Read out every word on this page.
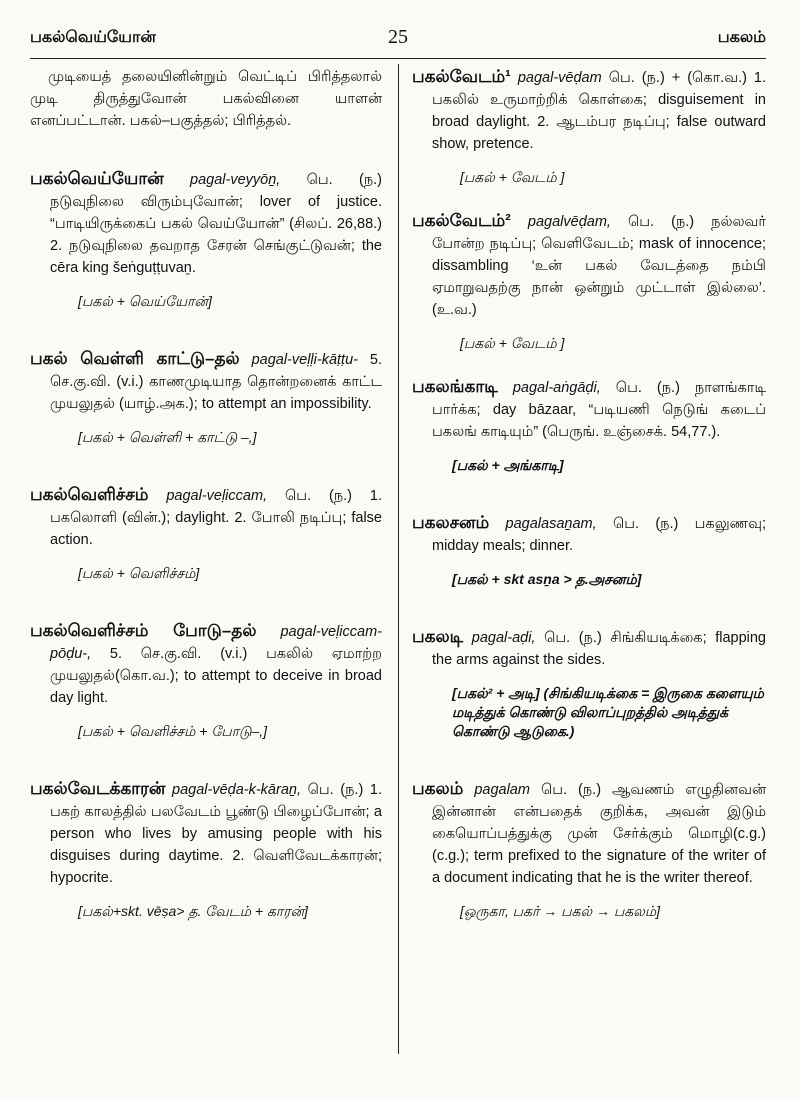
பகல்வெய்யோன்	25	பகலம்

முடியைத் தலையினின்றும் வெட்டிப் பிரித்தலால் முடி திருத்துவோன் பகல்வினை யாளன் எனப்பட்டான். பகல்–பகுத்தல்; பிரித்தல்.

பகல்வெய்யோன் pagal-veyyōṉ, பெ. (ந.) நடுவுநிலை விரும்புவோன்; lover of justice. “பாடியிருக்கைப் பகல் வெய்யோன்” (சிலப். 26,88.) 2. நடுவுநிலை தவறாத சேரன் செங்குட்டுவன்; the cēra king šeṅguṭṭuvaṉ.

[பகல் + வெய்யோன்]

பகல் வெள்ளி காட்டு–தல் pagal-veḷḷi-kāṭṭu- 5. செ.கு.வி. (v.i.) காணமுடியாத தொன்றனைக் காட்ட முயலுதல் (யாழ்.அக.); to attempt an impossibility.

[பகல் + வெள்ளி + காட்டு –,]

பகல்வெளிச்சம் pagal-veḷiccam, பெ. (ந.) 1. பகலொளி (வின்.); daylight. 2. போலி நடிப்பு; false action.

[பகல் + வெளிச்சம்]

பகல்வெளிச்சம் போடு–தல் pagal-veḷiccam-pōḍu-, 5. செ.கு.வி. (v.i.) பகலில் ஏமாற்ற முயலுதல்(கொ.வ.); to attempt to deceive in broad day light.

[பகல் + வெளிச்சம் + போடு–,]

பகல்வேடக்காரன் pagal-vēḍa-k-kāraṉ, பெ. (ந.) 1. பகற் காலத்தில் பலவேடம் பூண்டு பிழைப்போன்; a person who lives by amusing people with his disguises during daytime. 2. வெளிவேடக்காரன்; hypocrite.

[பகல்+skt. vēṣa> த. வேடம் + காரன்]

பகல்வேடம்¹ pagal-vēḍam பெ. (ந.) + (கொ.வ.) 1. பகலில் உருமாற்றிக் கொள்கை; disguisement in broad daylight. 2. ஆடம்பர நடிப்பு; false outward show, pretence.

[பகல் + வேடம் ]

பகல்வேடம்² pagalvēḍam, பெ. (ந.) நல்லவர் போன்ற நடிப்பு; வெளிவேடம்; mask of innocence; dissambling ‘உன் பகல் வேடத்தை நம்பி ஏமாறுவதற்கு நான் ஒன்றும் முட்டாள் இல்லை’. (உ.வ.)

[பகல் + வேடம் ]

பகலங்காடி pagal-aṅgāḍi, பெ. (ந.) நாளங்காடி பார்க்க; day bāzaar, “படியணி நெடுங் கடைப் பகலங் காடியும்” (பெருங். உஞ்சைக். 54,77.).

[பகல் + அங்காடி]

பகலசனம் pagalasaṉam, பெ. (ந.) பகலுணவு; midday meals; dinner.

[பகல் + skt asṉa > த.அசனம்]

பகலடி pagal-aḍi, பெ. (ந.) சிங்கியடிக்கை; flapping the arms against the sides.

[பகல்² + அடி] (சிங்கியடிக்கை = இருகை களையும் மடித்துக் கொண்டு விலாப்புறத்தில் அடித்துக் கொண்டு ஆடுகை.)

பகலம் pagalam பெ. (ந.) ஆவணம் எழுதினவன் இன்னான் என்பதைக் குறிக்க, அவன் இடும் கையொப்பத்துக்கு முன் சேர்க்கும் மொழி(c.g.)(c.g.); term prefixed to the signature of the writer of a document indicating that he is the writer thereof.

[ஒருகா, பகர் → பகல் → பகலம்]
